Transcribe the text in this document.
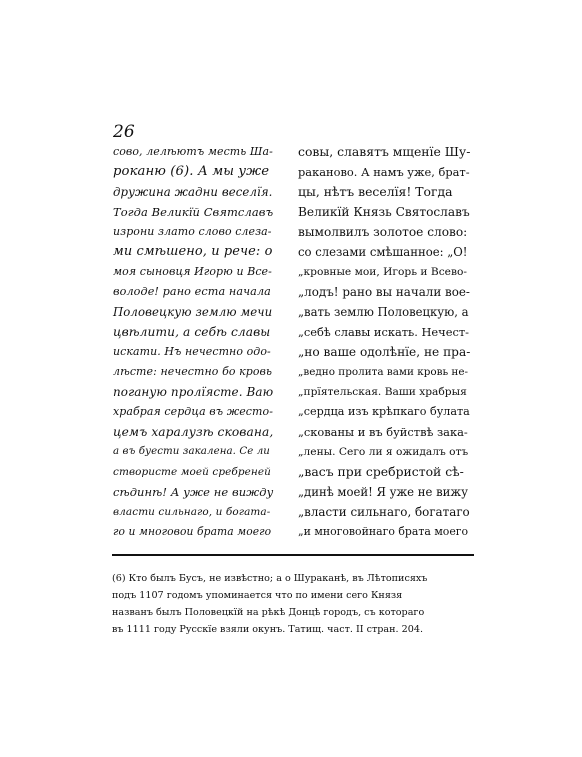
26
сово, лелѣютъ месть Ша-
роканю (6). А мы уже
дружина жадни веселїя.
Тогда Великїй Святславъ
изрони злато слово слеза-
ми смѣшено, и рече: о
моя сыновця Игорю и Все-
володе! рано еста начала
Половецкую землю мечи
цвѣлити, а себѣ славы
искати. Нъ нечестно одо-
лѣсте: нечестно бо кровь
поганую пролїясте. Ваю
храбрая сердца въ жесто-
цемъ харалузѣ скована,
а въ буести закалена. Се ли
створисте моей сребреней
сѣдинѣ! А уже не вижду
власти сильнаго, и богата-
го и многовои брата моего
совы, славятъ мщенїе Шу-
раканово. А намъ уже, брат-
цы, нѣтъ веселїя! Тогда
Великїй Князь Святославъ
вымолвилъ золотое слово:
со слезами смѣшанное: „О!
„кровные мои, Игорь и Всево-
„лодъ! рано вы начали вое-
„вать землю Половецкую, а
„себѣ славы искать. Нечест-
„но ваше одолѣнїе, не пра-
„ведно пролита вами кровь не-
„прїятельская. Ваши храбрыя
„сердца изъ крѣпкаго булата
„скованы и въ буйствѣ зака-
„лены. Сего ли я ожидалъ отъ
„васъ при сребристой сѣ-
„динѣ моей! Я уже не вижу
„власти сильнаго, богатаго
„и многовойнаго брата моего
(6) Кто былъ Бусъ, не извѣстно; а о Шураканѣ, въ Лѣтописяхъ
подъ 1107 годомъ упоминается что по имени сего Князя
названъ былъ Половецкїй на рѣкѣ Донцѣ городъ, съ котораго
въ 1111 году Русскїе взяли окунъ. Татищ. част. II стран. 204.
